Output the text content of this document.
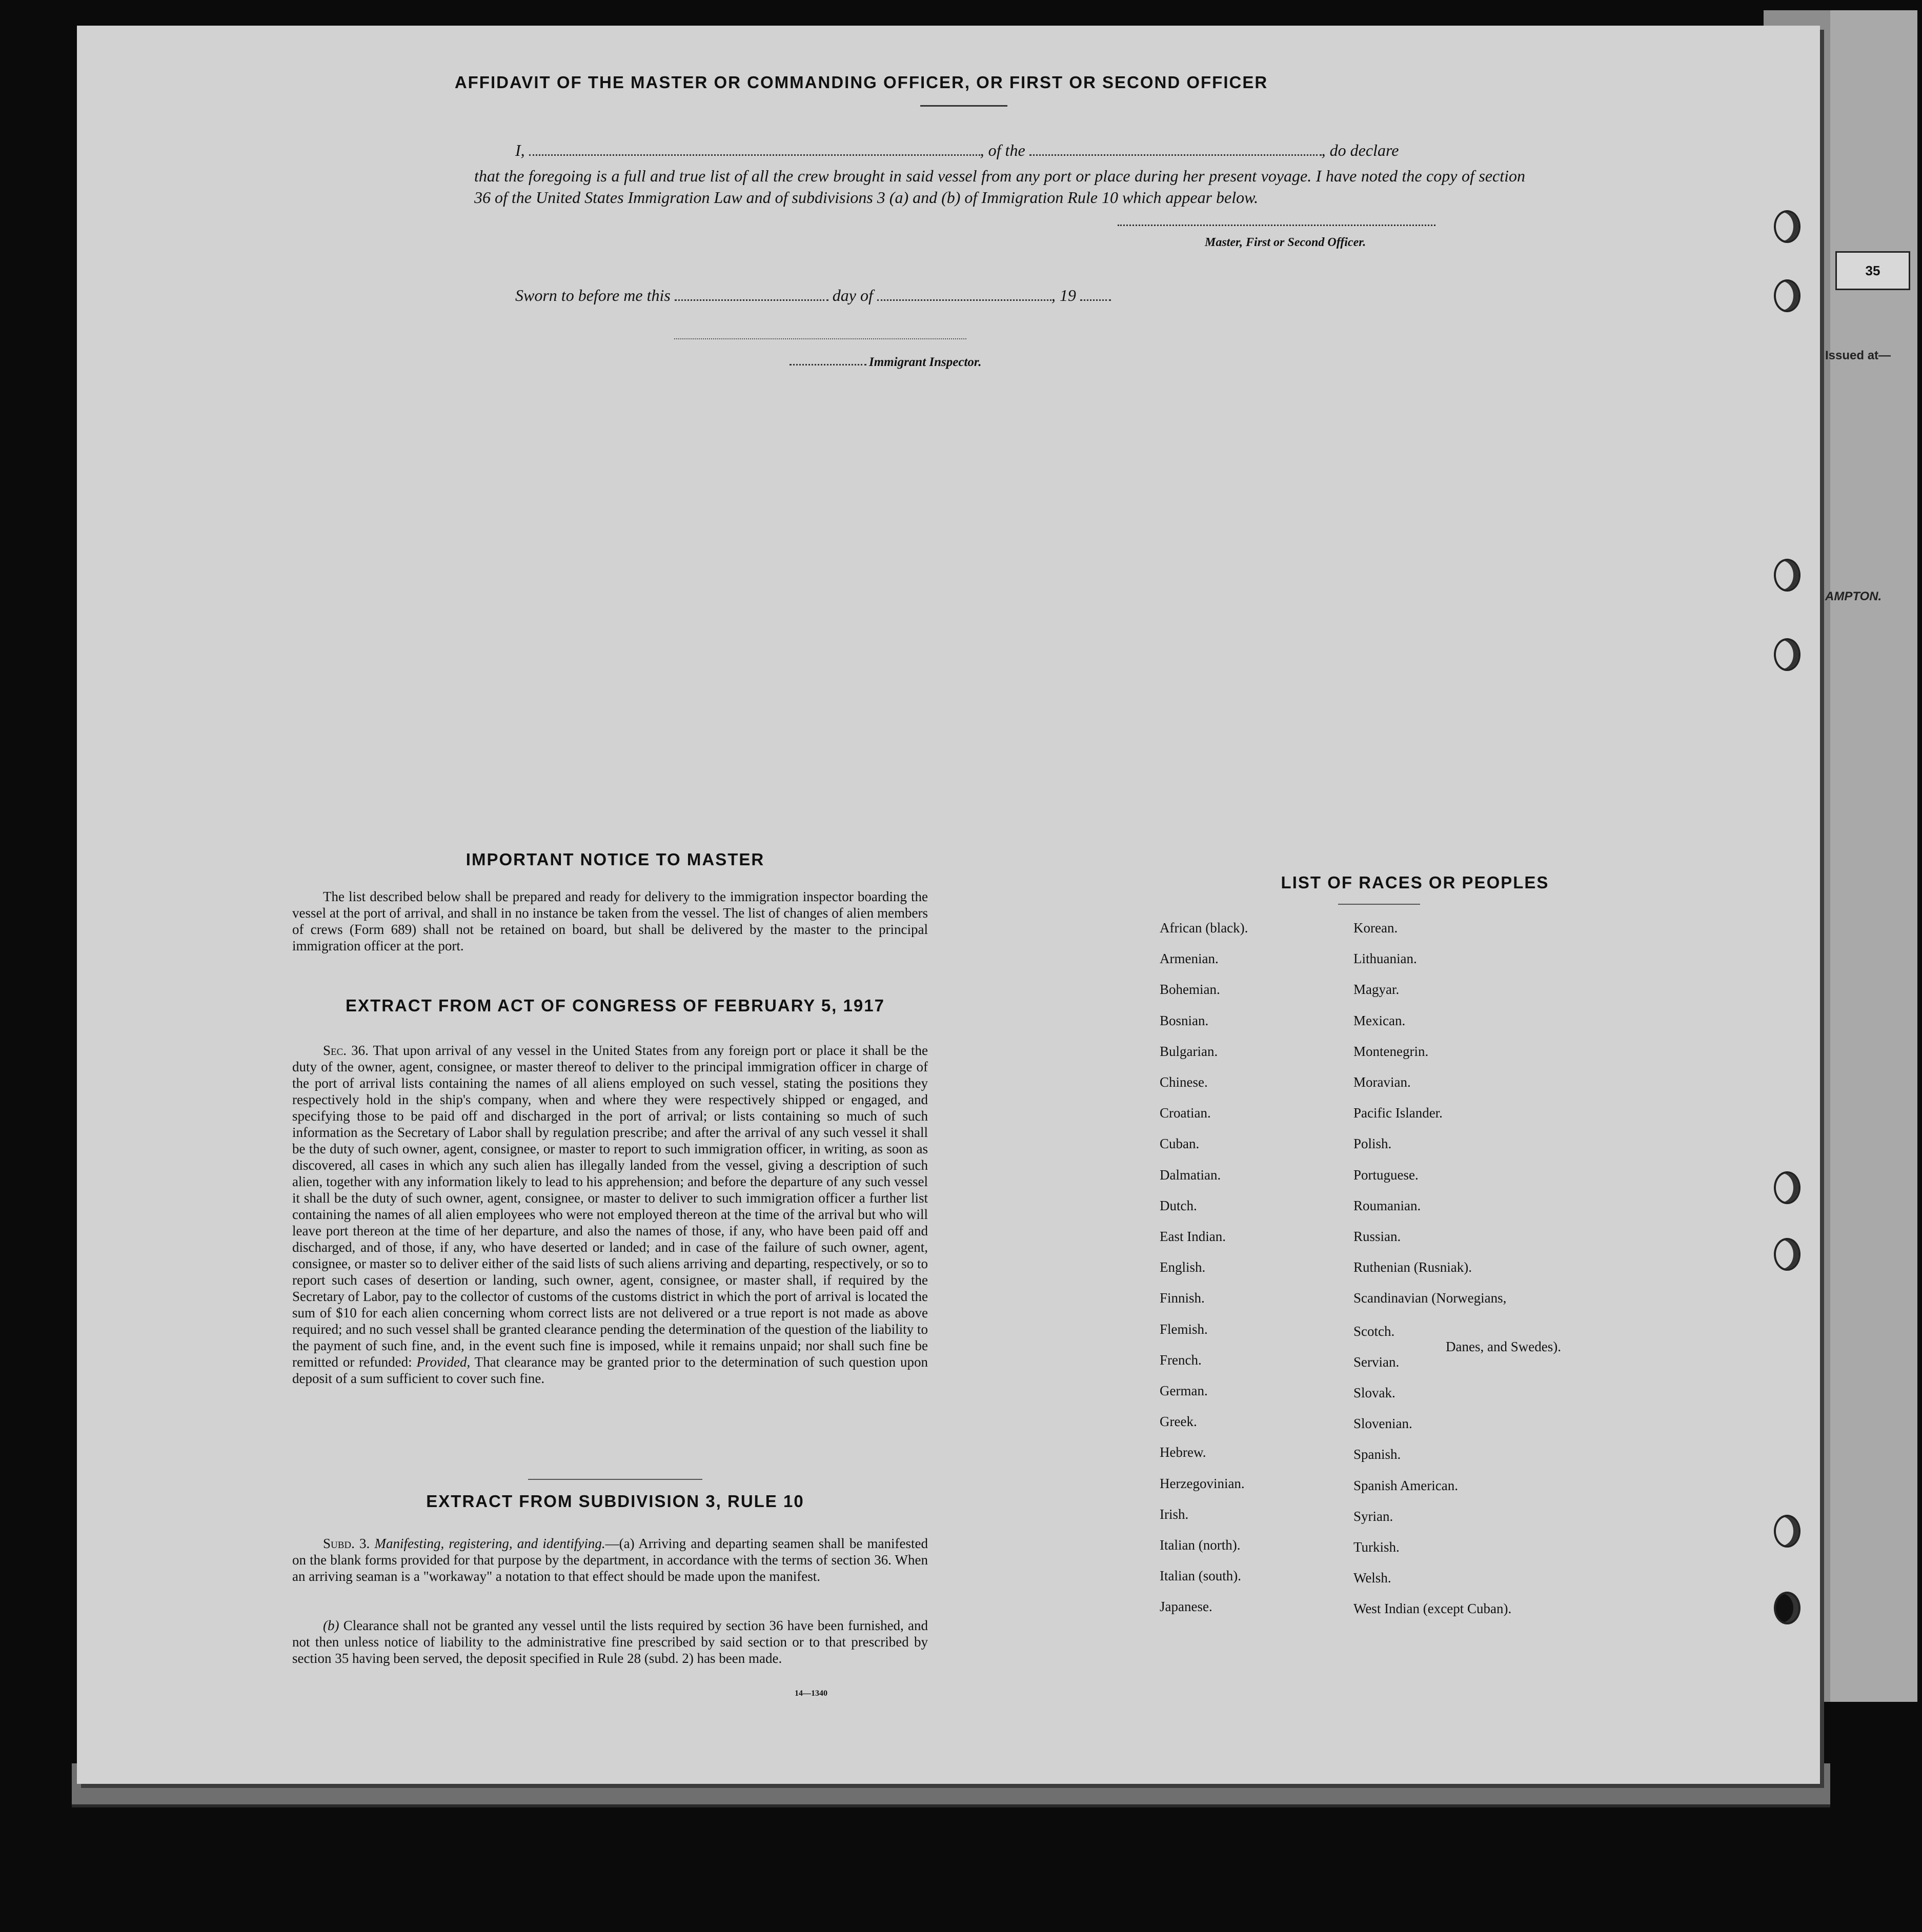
35
Issued at—
AMPTON.
AFFIDAVIT OF THE MASTER OR COMMANDING OFFICER, OR FIRST OR SECOND OFFICER
I,	, of the	, do declare
that the foregoing is a full and true list of all the crew brought in said vessel from any port or place during her present voyage. I have noted the copy of section 36 of the United States Immigration Law and of subdivisions 3 (a) and (b) of Immigration Rule 10 which appear below.
Master, First or Second Officer.
Sworn to before me this	day of	, 19
Immigrant Inspector.
IMPORTANT NOTICE TO MASTER
The list described below shall be prepared and ready for delivery to the immigration inspector boarding the vessel at the port of arrival, and shall in no instance be taken from the vessel. The list of changes of alien members of crews (Form 689) shall not be retained on board, but shall be delivered by the master to the principal immigration officer at the port.
EXTRACT FROM ACT OF CONGRESS OF FEBRUARY 5, 1917
Sec. 36. That upon arrival of any vessel in the United States from any foreign port or place it shall be the duty of the owner, agent, consignee, or master thereof to deliver to the principal immigration officer in charge of the port of arrival lists containing the names of all aliens employed on such vessel, stating the positions they respectively hold in the ship's company, when and where they were respectively shipped or engaged, and specifying those to be paid off and discharged in the port of arrival; or lists containing so much of such information as the Secretary of Labor shall by regulation prescribe; and after the arrival of any such vessel it shall be the duty of such owner, agent, consignee, or master to report to such immigration officer, in writing, as soon as discovered, all cases in which any such alien has illegally landed from the vessel, giving a description of such alien, together with any information likely to lead to his apprehension; and before the departure of any such vessel it shall be the duty of such owner, agent, consignee, or master to deliver to such immigration officer a further list containing the names of all alien employees who were not employed thereon at the time of the arrival but who will leave port thereon at the time of her departure, and also the names of those, if any, who have been paid off and discharged, and of those, if any, who have deserted or landed; and in case of the failure of such owner, agent, consignee, or master so to deliver either of the said lists of such aliens arriving and departing, respectively, or so to report such cases of desertion or landing, such owner, agent, consignee, or master shall, if required by the Secretary of Labor, pay to the collector of customs of the customs district in which the port of arrival is located the sum of $10 for each alien concerning whom correct lists are not delivered or a true report is not made as above required; and no such vessel shall be granted clearance pending the determination of the question of the liability to the payment of such fine, and, in the event such fine is imposed, while it remains unpaid; nor shall such fine be remitted or refunded: Provided, That clearance may be granted prior to the determination of such question upon deposit of a sum sufficient to cover such fine.
EXTRACT FROM SUBDIVISION 3, RULE 10
Subd. 3. Manifesting, registering, and identifying.—(a) Arriving and departing seamen shall be manifested on the blank forms provided for that purpose by the department, in accordance with the terms of section 36. When an arriving seaman is a "workaway" a notation to that effect should be made upon the manifest.
(b) Clearance shall not be granted any vessel until the lists required by section 36 have been furnished, and not then unless notice of liability to the administrative fine prescribed by said section or to that prescribed by section 35 having been served, the deposit specified in Rule 28 (subd. 2) has been made.
14—1340
LIST OF RACES OR PEOPLES
African (black).
Armenian.
Bohemian.
Bosnian.
Bulgarian.
Chinese.
Croatian.
Cuban.
Dalmatian.
Dutch.
East Indian.
English.
Finnish.
Flemish.
French.
German.
Greek.
Hebrew.
Herzegovinian.
Irish.
Italian (north).
Italian (south).
Japanese.
Korean.
Lithuanian.
Magyar.
Mexican.
Montenegrin.
Moravian.
Pacific Islander.
Polish.
Portuguese.
Roumanian.
Russian.
Ruthenian (Rusniak).
Scandinavian (Norwegians,
Scotch.
Servian.
Slovak.
Slovenian.
Spanish.
Spanish American.
Syrian.
Turkish.
Welsh.
West Indian (except Cuban).
Danes, and Swedes).
